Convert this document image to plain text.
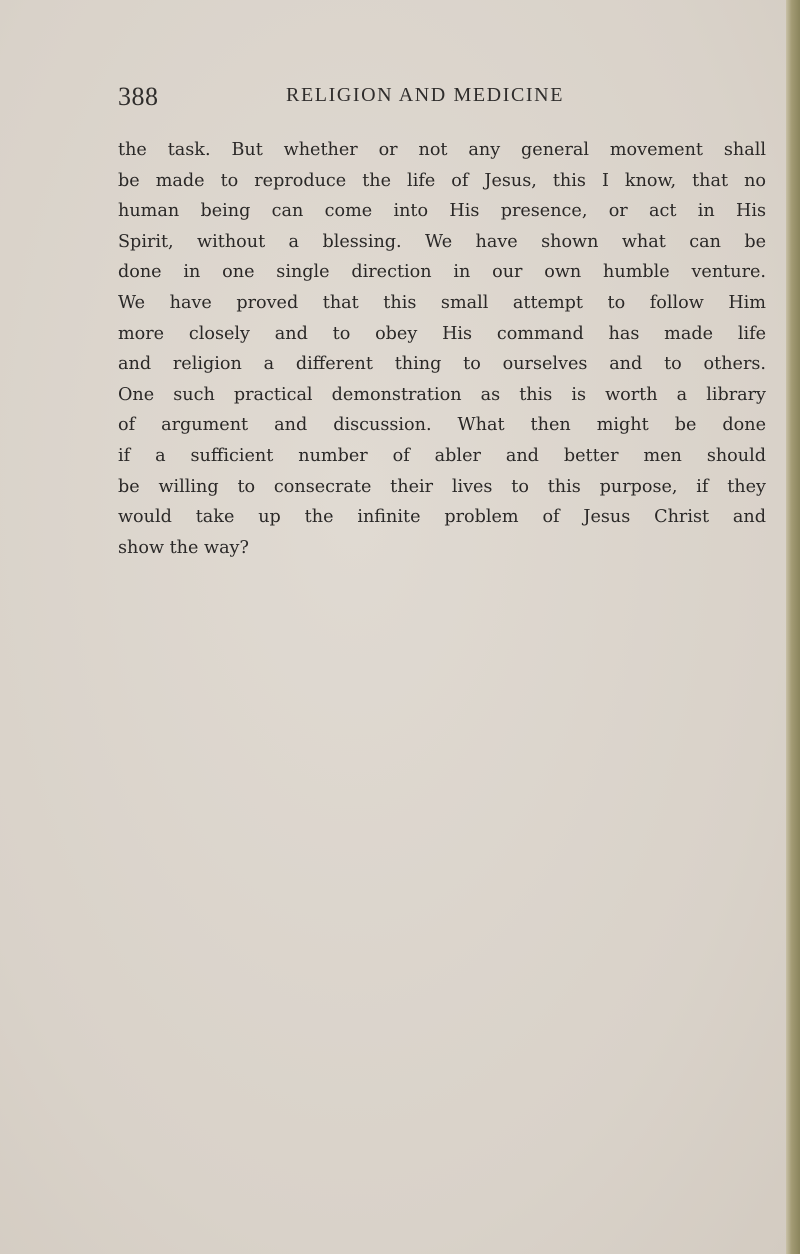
388	RELIGION AND MEDICINE
the task. But whether or not any general movement shall
be made to reproduce the life of Jesus, this I know, that no
human being can come into His presence, or act in His
Spirit, without a blessing. We have shown what can be
done in one single direction in our own humble venture.
We have proved that this small attempt to follow Him
more closely and to obey His command has made life
and religion a different thing to ourselves and to others.
One such practical demonstration as this is worth a library
of argument and discussion. What then might be done
if a sufficient number of abler and better men should
be willing to consecrate their lives to this purpose, if they
would take up the infinite problem of Jesus Christ and
show the way?
